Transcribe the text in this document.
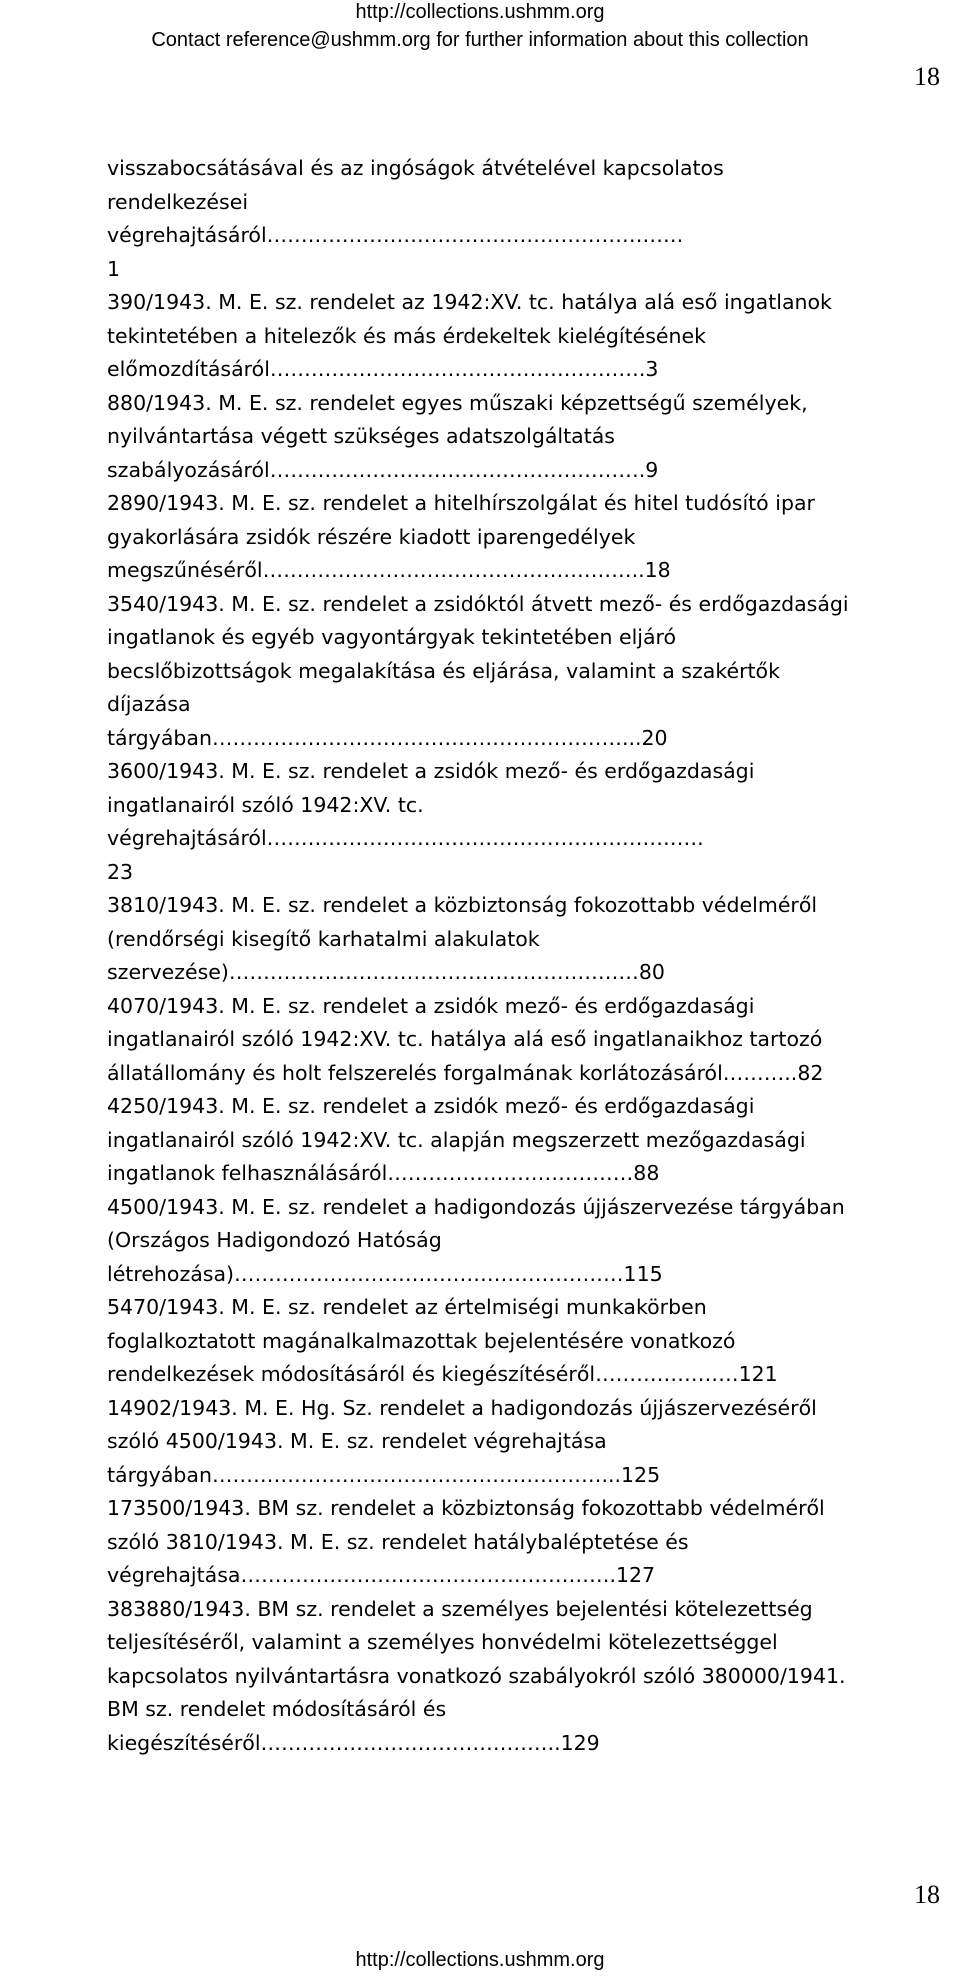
http://collections.ushmm.org
Contact reference@ushmm.org for further information about this collection
18
visszabocsátásával és az ingóságok átvételével kapcsolatos
rendelkezései
végrehajtásáról…………………………………………………….
1
390/1943. M. E. sz. rendelet az 1942:XV. tc. hatálya alá eső ingatlanok
tekintetében a hitelezők és más érdekeltek kielégítésének
előmozdításáról……………………………………………….3
880/1943. M. E. sz. rendelet egyes műszaki képzettségű személyek,
nyilvántartása végett szükséges adatszolgáltatás
szabályozásáról……………………………………………….9
2890/1943. M. E. sz. rendelet a hitelhírszolgálat és hitel tudósító ipar
gyakorlására zsidók részére kiadott iparengedélyek
megszűnéséről………………………………………………..18
3540/1943. M. E. sz. rendelet a zsidóktól átvett mező- és erdőgazdasági
ingatlanok és egyéb vagyontárgyak tekintetében eljáró
becslőbizottságok megalakítása és eljárása, valamint a szakértők
díjazása
tárgyában……………………………………………………...20
3600/1943. M. E. sz. rendelet a zsidók mező- és erdőgazdasági
ingatlanairól szóló 1942:XV. tc.
végrehajtásáról……………………………………………………….
23
3810/1943. M. E. sz. rendelet a közbiztonság fokozottabb védelméről
(rendőrségi kisegítő karhatalmi alakulatok
szervezése)……………………………………………………80
4070/1943. M. E. sz. rendelet a zsidók mező- és erdőgazdasági
ingatlanairól szóló 1942:XV. tc. hatálya alá eső ingatlanaikhoz tartozó
állatállomány és holt felszerelés forgalmának korlátozásáról………..82
4250/1943. M. E. sz. rendelet a zsidók mező- és erdőgazdasági
ingatlanairól szóló 1942:XV. tc. alapján megszerzett mezőgazdasági
ingatlanok felhasználásáról………………………………88
4500/1943. M. E. sz. rendelet a hadigondozás újjászervezése tárgyában
(Országos Hadigondozó Hatóság
létrehozása)…………………………………………………115
5470/1943. M. E. sz. rendelet az értelmiségi munkakörben
foglalkoztatott magánalkalmazottak bejelentésére vonatkozó
rendelkezések módosításáról és kiegészítéséről…………………121
14902/1943. M. E. Hg. Sz. rendelet a hadigondozás újjászervezéséről
szóló 4500/1943. M. E. sz. rendelet végrehajtása
tárgyában…………………………………………………...125
173500/1943. BM sz. rendelet a közbiztonság fokozottabb védelméről
szóló 3810/1943. M. E. sz. rendelet hatálybaléptetése és
végrehajtása……………………………………………….127
383880/1943. BM sz. rendelet a személyes bejelentési kötelezettség
teljesítéséről, valamint a személyes honvédelmi kötelezettséggel
kapcsolatos nyilvántartásra vonatkozó szabályokról szóló 380000/1941.
BM sz. rendelet módosításáról és
kiegészítéséről……………………………………..129
18
http://collections.ushmm.org
